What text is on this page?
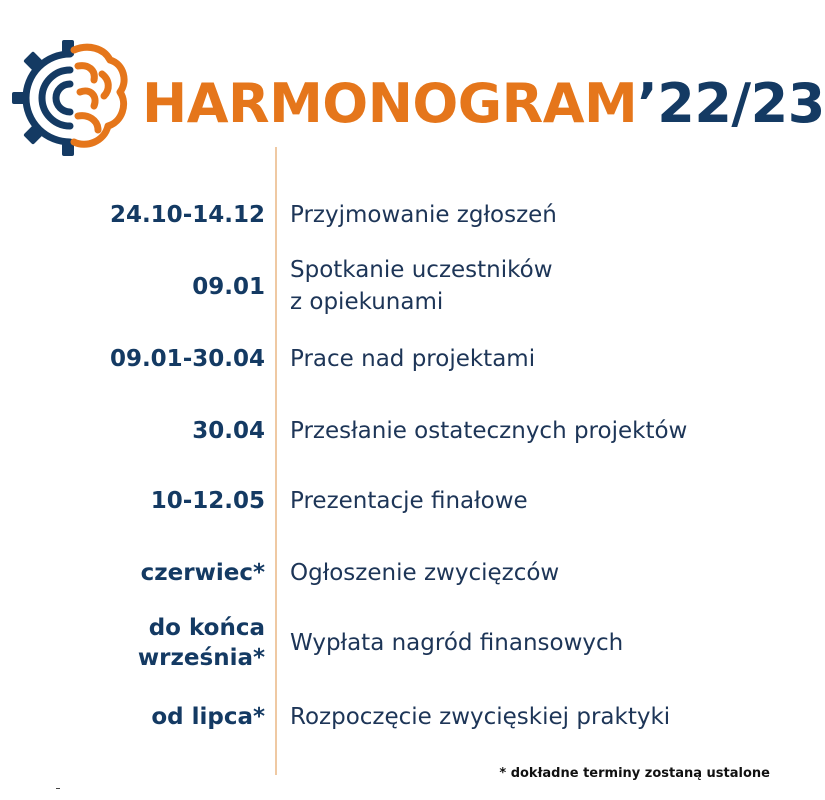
HARMONOGRAM’22/23
24.10-14.12 Przyjmowanie zgłoszeń
09.01
Spotkanie uczestników
z opiekunami
09.01-30.04 Prace nad projektami
30.04 Przesłanie ostatecznych projektów
10-12.05 Prezentacje finałowe
czerwiec* Ogłoszenie zwycięzców
do końca
września*
Wypłata nagród finansowych
od lipca* Rozpoczęcie zwycięskiej praktyki
* dokładne terminy zostaną ustalone
